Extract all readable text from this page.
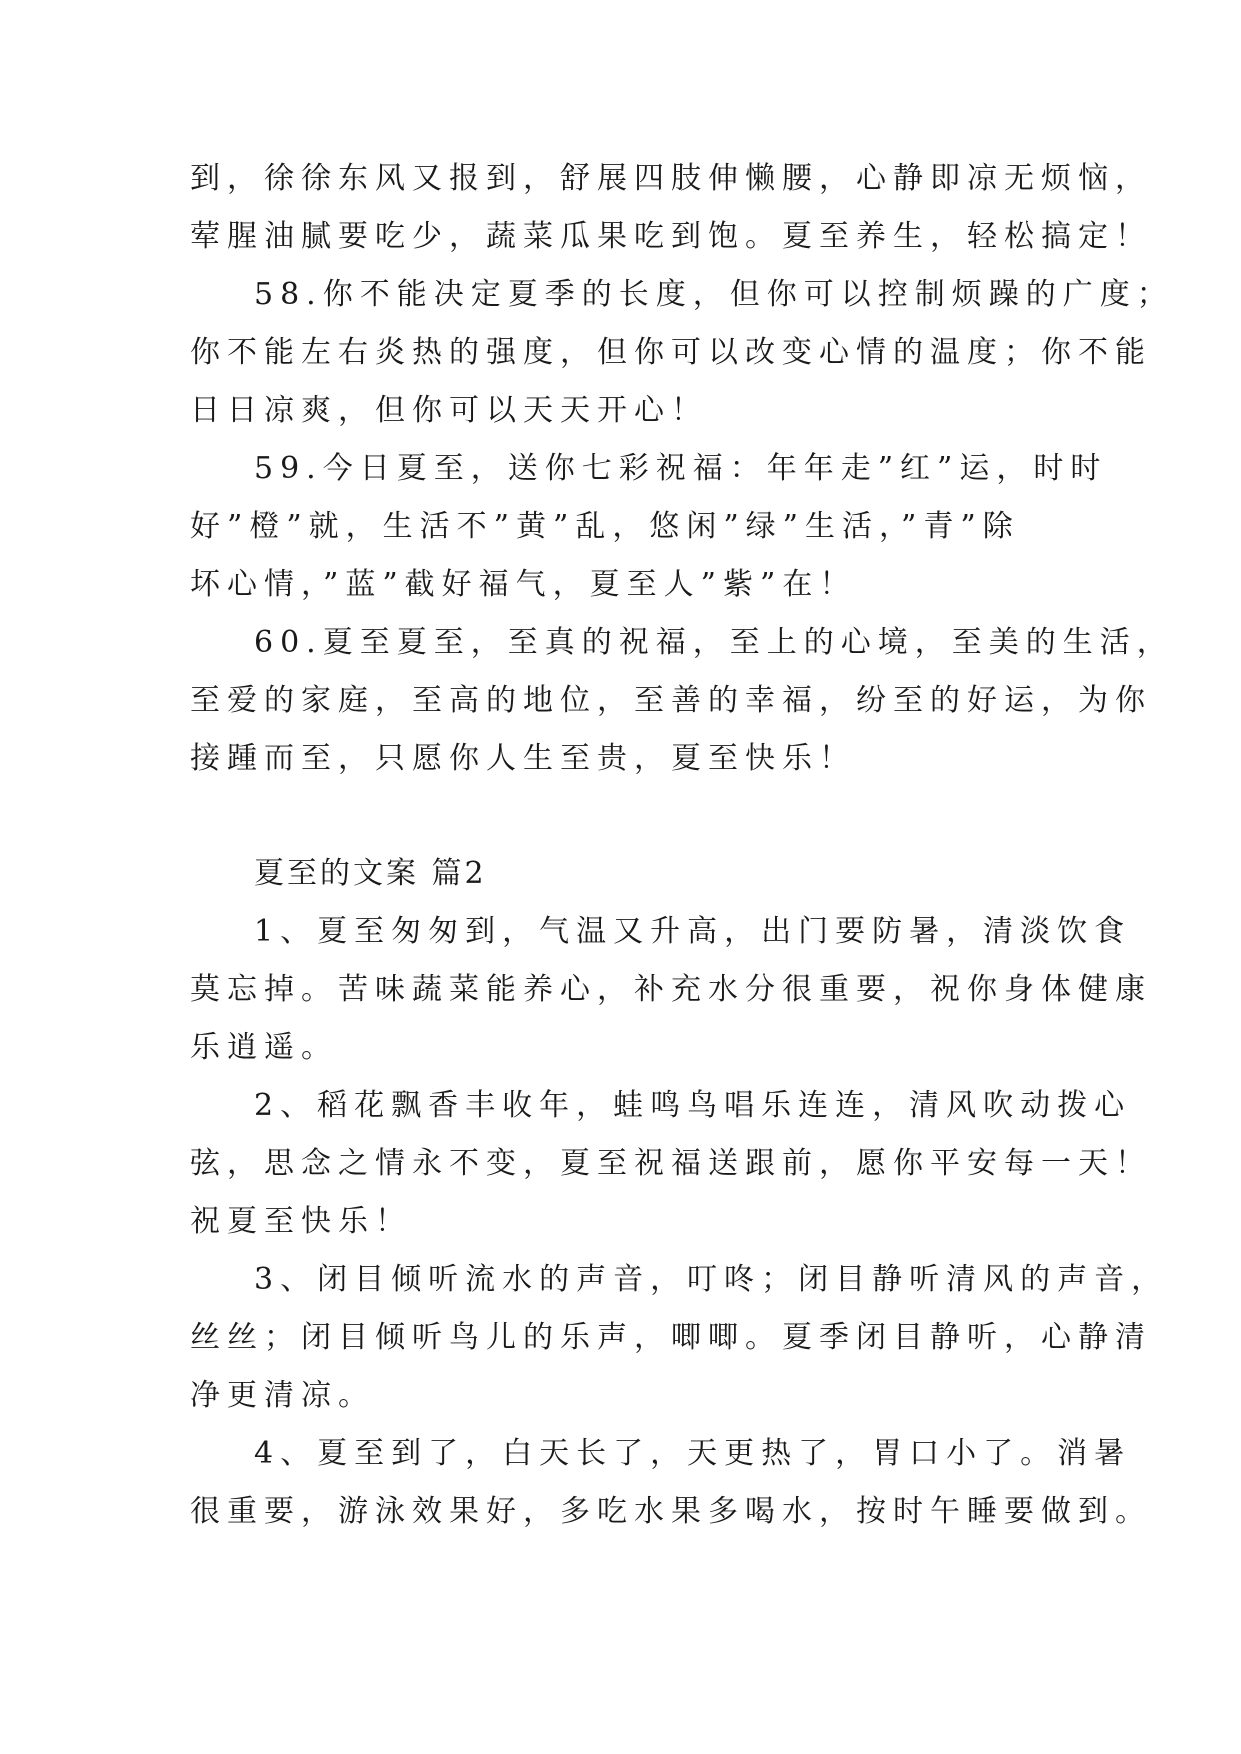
到，徐徐东风又报到，舒展四肢伸懒腰，心静即凉无烦恼，
荤腥油腻要吃少，蔬菜瓜果吃到饱。夏至养生，轻松搞定！
58.你不能决定夏季的长度，但你可以控制烦躁的广度；
你不能左右炎热的强度，但你可以改变心情的温度；你不能
日日凉爽，但你可以天天开心！
59.今日夏至，送你七彩祝福：年年走”红”运，时时
好”橙”就，生活不”黄”乱，悠闲”绿”生活，”青”除
坏心情，”蓝”截好福气，夏至人”紫”在！
60.夏至夏至，至真的祝福，至上的心境，至美的生活，
至爱的家庭，至高的地位，至善的幸福，纷至的好运，为你
接踵而至，只愿你人生至贵，夏至快乐！
夏至的文案 篇2
1、夏至匆匆到，气温又升高，出门要防暑，清淡饮食
莫忘掉。苦味蔬菜能养心，补充水分很重要，祝你身体健康
乐逍遥。
2、稻花飘香丰收年，蛙鸣鸟唱乐连连，清风吹动拨心
弦，思念之情永不变，夏至祝福送跟前，愿你平安每一天！
祝夏至快乐！
3、闭目倾听流水的声音，叮咚；闭目静听清风的声音，
丝丝；闭目倾听鸟儿的乐声，唧唧。夏季闭目静听，心静清
净更清凉。
4、夏至到了，白天长了，天更热了，胃口小了。消暑
很重要，游泳效果好，多吃水果多喝水，按时午睡要做到。
